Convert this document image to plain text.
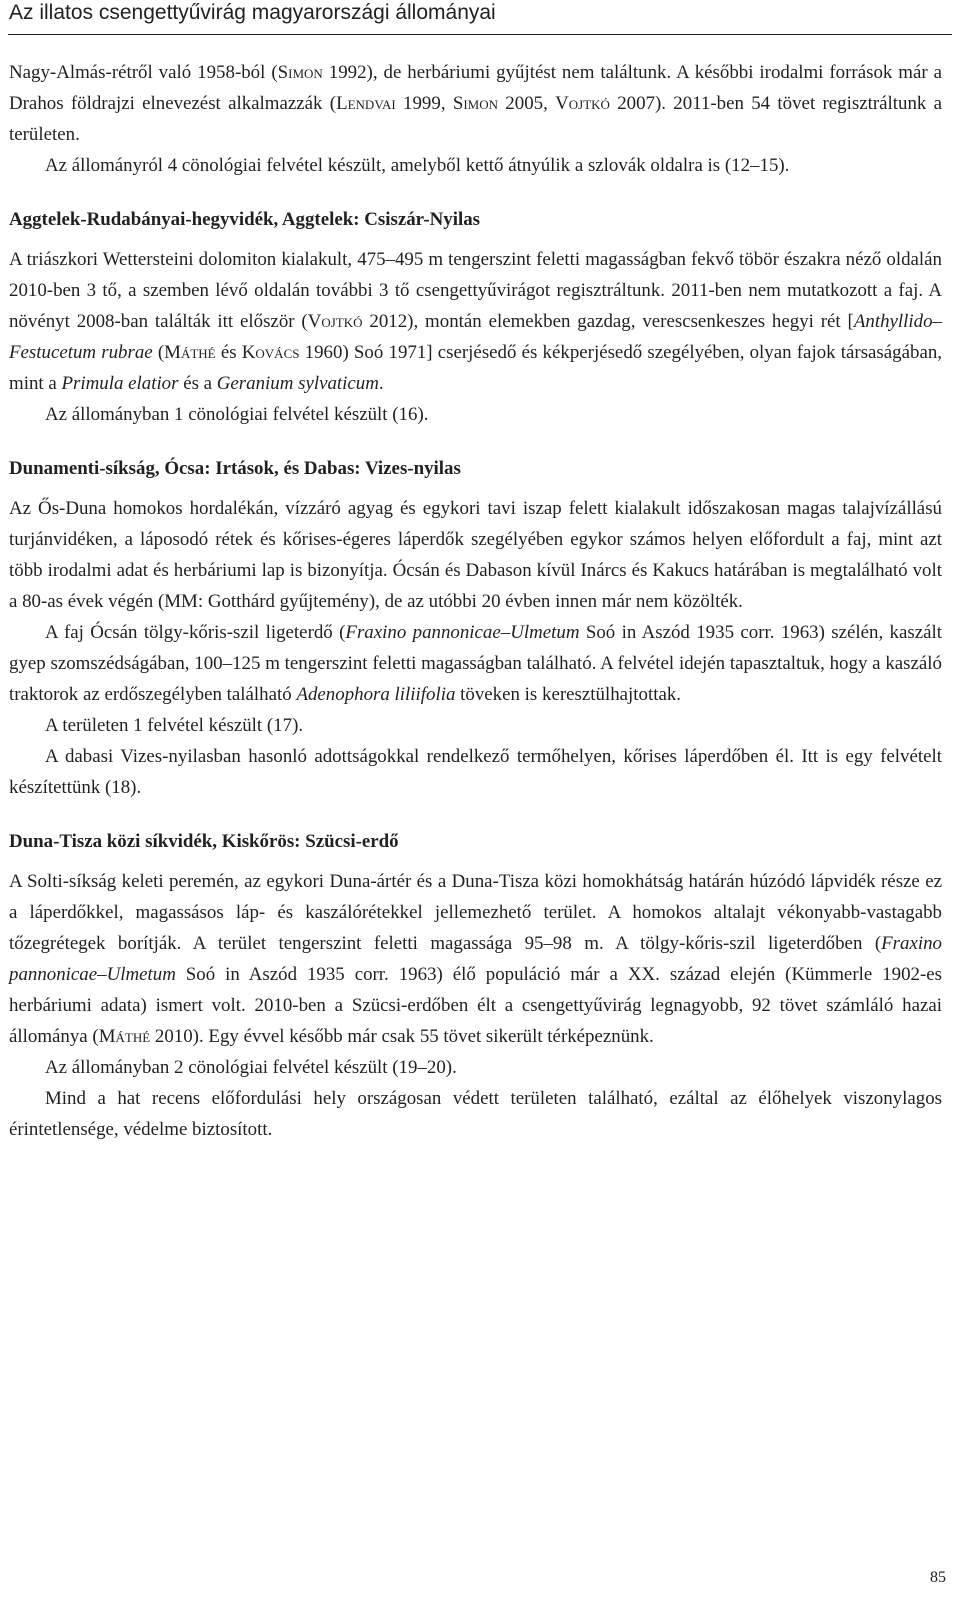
Az illatos csengettyűvirág magyarországi állományai

Nagy-Almás-rétről való 1958-ból (Simon 1992), de herbáriumi gyűjtést nem találtunk. A későbbi irodalmi források már a Drahos földrajzi elnevezést alkalmazzák (Lendvai 1999, Simon 2005, Vojtkó 2007). 2011-ben 54 tövet regisztráltunk a területen.

Az állományról 4 cönológiai felvétel készült, amelyből kettő átnyúlik a szlovák oldalra is (12–15).

Aggtelek-Rudabányai-hegyvidék, Aggtelek: Csiszár-Nyilas

A triászkori Wettersteini dolomiton kialakult, 475–495 m tengerszint feletti magasságban fekvő töbör északra néző oldalán 2010-ben 3 tő, a szemben lévő oldalán további 3 tő csengettyűvirágot regisztráltunk. 2011-ben nem mutatkozott a faj. A növényt 2008-ban találták itt először (Vojtkó 2012), montán elemekben gazdag, verescsenkeszes hegyi rét [Anthyllido–Festucetum rubrae (Máthé és Kovács 1960) Soó 1971] cserjésedő és kékperjésedő szegélyében, olyan fajok társaságában, mint a Primula elatior és a Geranium sylvaticum.

Az állományban 1 cönológiai felvétel készült (16).

Dunamenti-síkság, Ócsa: Irtások, és Dabas: Vizes-nyilas

Az Ős-Duna homokos hordalékán, vízzáró agyag és egykori tavi iszap felett kialakult időszakosan magas talajvízállású turjánvidéken, a láposodó rétek és kőrises-égeres láperdők szegélyében egykor számos helyen előfordult a faj, mint azt több irodalmi adat és herbáriumi lap is bizonyítja. Ócsán és Dabason kívül Inárcs és Kakucs határában is megtalálható volt a 80-as évek végén (MM: Gotthárd gyűjtemény), de az utóbbi 20 évben innen már nem közölték.

A faj Ócsán tölgy-kőris-szil ligeterdő (Fraxino pannonicae–Ulmetum Soó in Aszód 1935 corr. 1963) szélén, kaszált gyep szomszédságában, 100–125 m tengerszint feletti magasságban található. A felvétel idején tapasztaltuk, hogy a kaszáló traktorok az erdőszegélyben található Adenophora liliifolia töveken is keresztülhajtottak.

A területen 1 felvétel készült (17).

A dabasi Vizes-nyilasban hasonló adottságokkal rendelkező termőhelyen, kőrises láperdőben él. Itt is egy felvételt készítettünk (18).

Duna-Tisza közi síkvidék, Kiskőrös: Szücsi-erdő

A Solti-síkság keleti peremén, az egykori Duna-ártér és a Duna-Tisza közi homokhátság határán húzódó lápvidék része ez a láperdőkkel, magassásos láp- és kaszálórétekkel jellemezhető terület. A homokos altalajt vékonyabb-vastagabb tőzegrétegek borítják. A terület tengerszint feletti magassága 95–98 m. A tölgy-kőris-szil ligeterdőben (Fraxino pannonicae–Ulmetum Soó in Aszód 1935 corr. 1963) élő populáció már a XX. század elején (Kümmerle 1902-es herbáriumi adata) ismert volt. 2010-ben a Szücsi-erdőben élt a csengettyűvirág legnagyobb, 92 tövet számláló hazai állománya (Máthé 2010). Egy évvel később már csak 55 tövet sikerült térképeznünk.

Az állományban 2 cönológiai felvétel készült (19–20).

Mind a hat recens előfordulási hely országosan védett területen található, ezáltal az élőhelyek viszonylagos érintetlensége, védelme biztosított.

85
